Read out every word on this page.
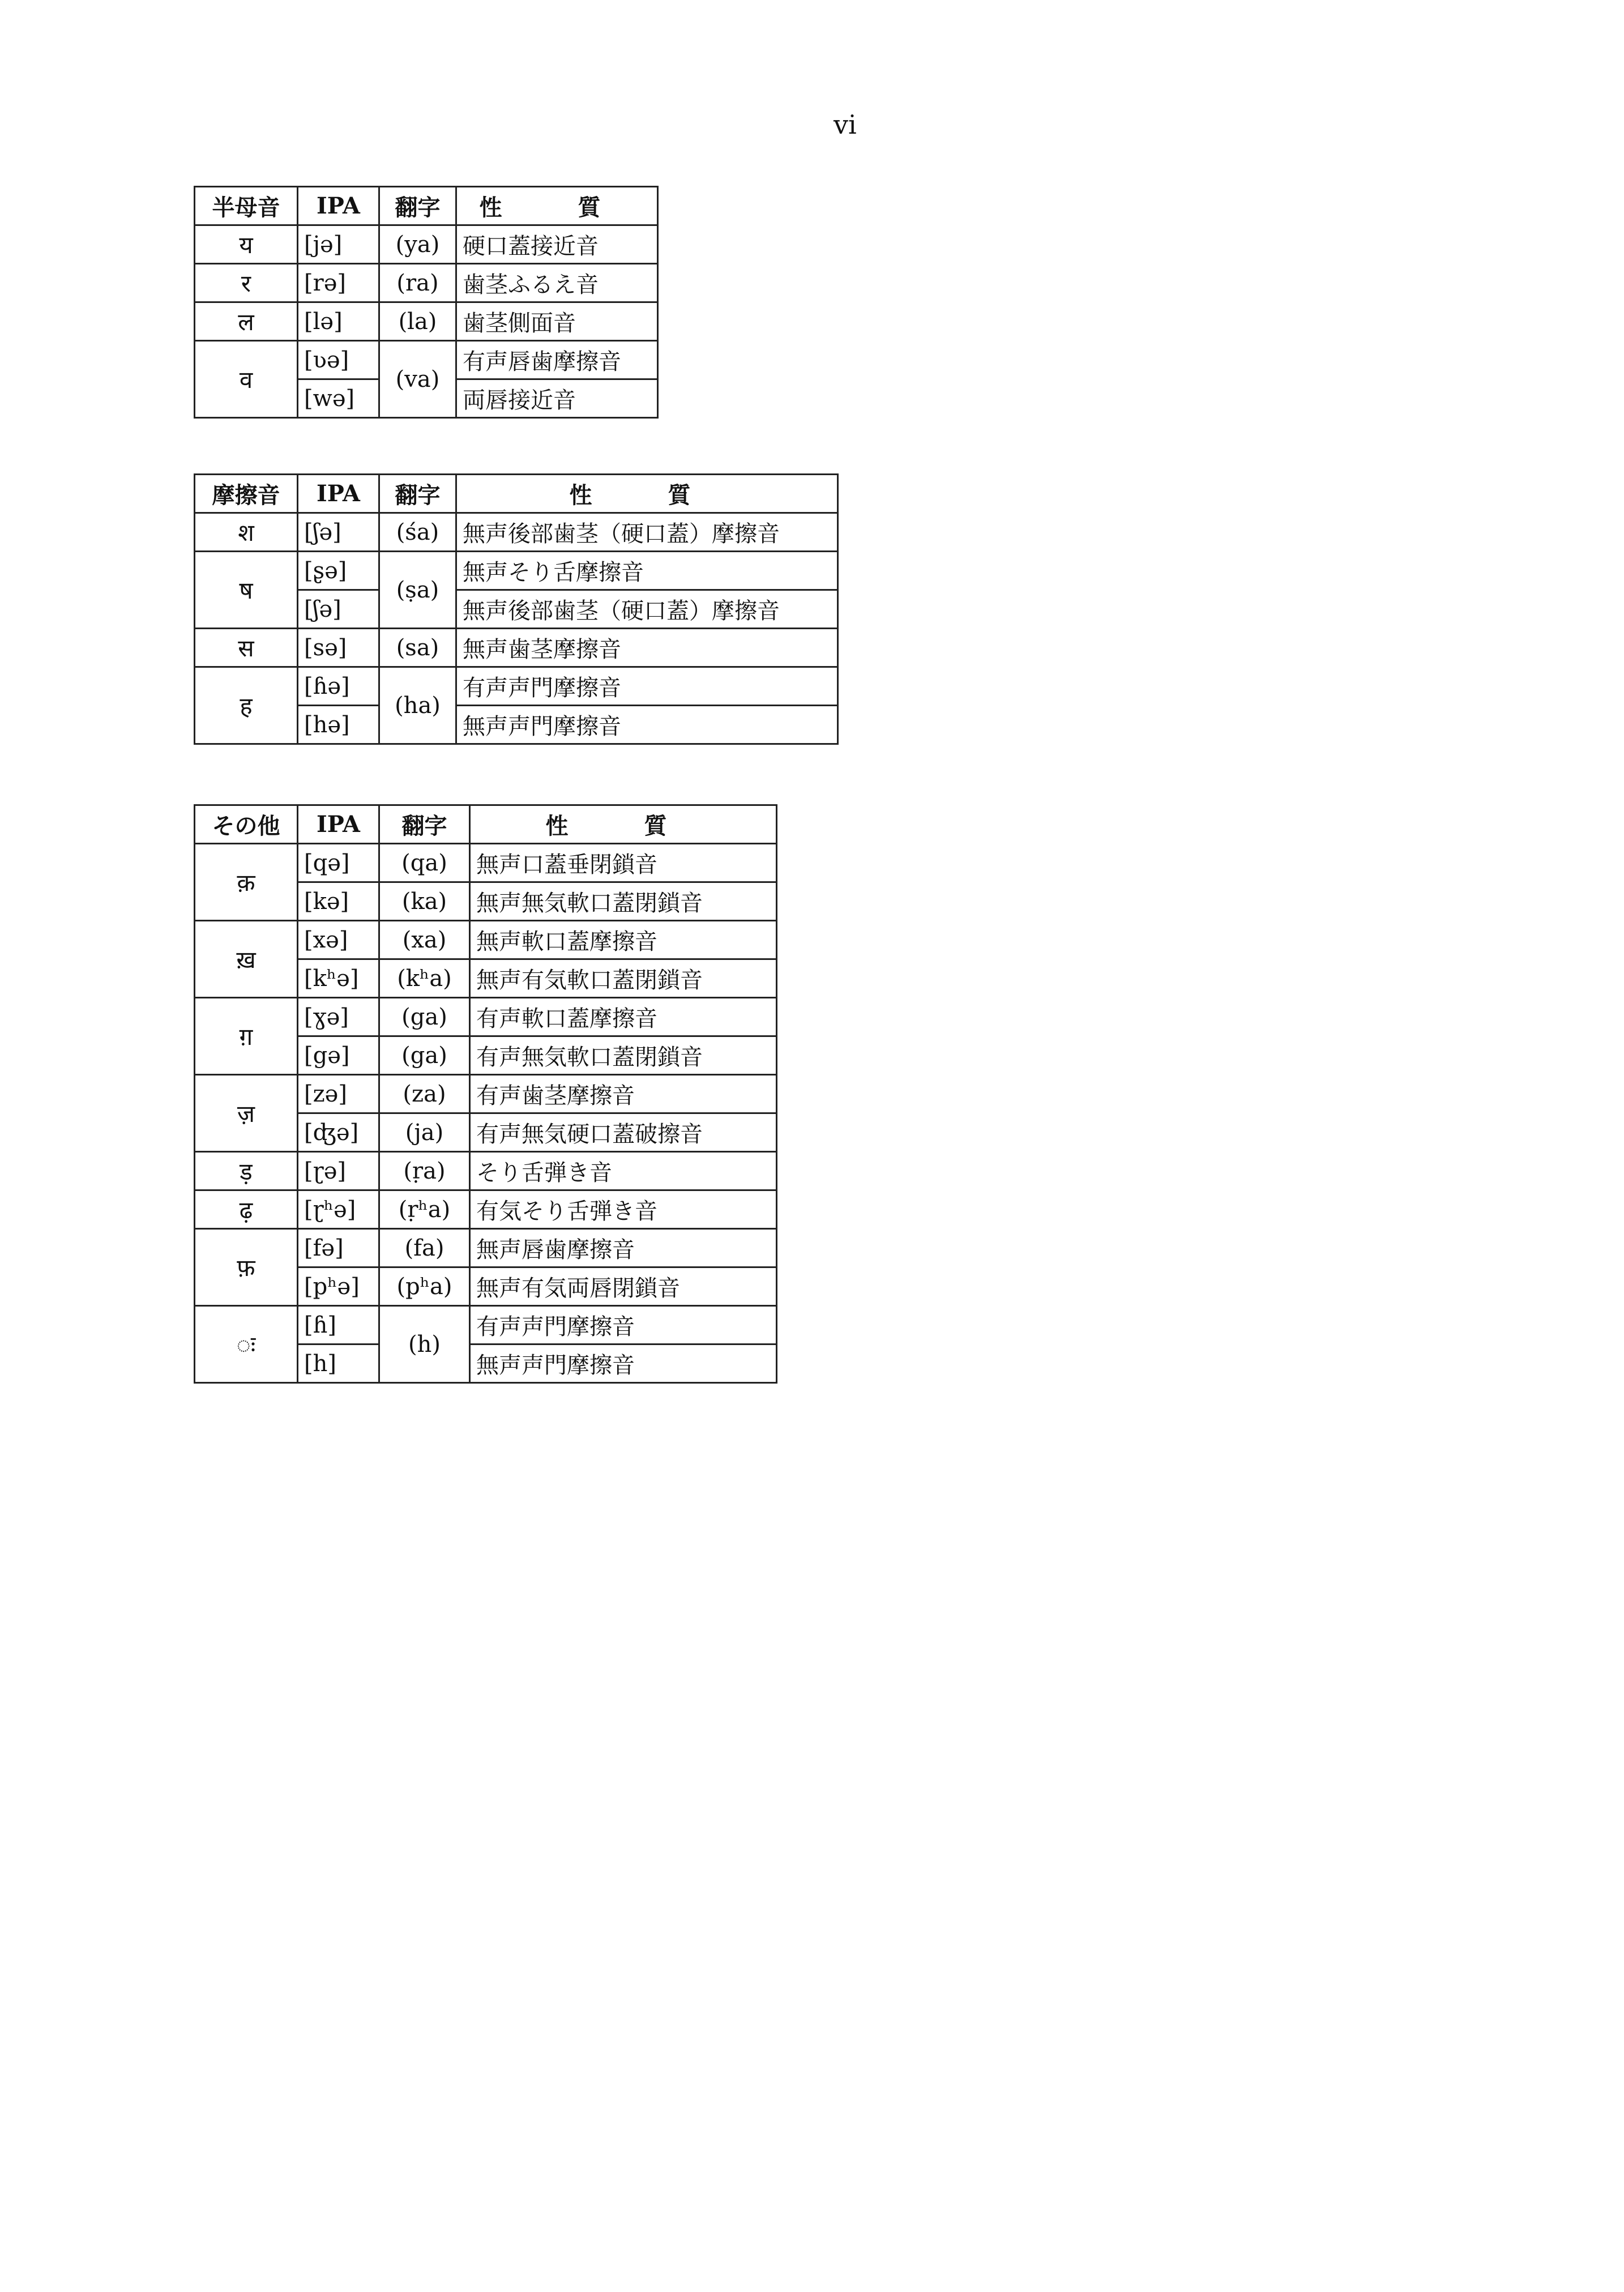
vi
半母音	IPA	翻字	性 質
य	[jə]	(ya)	硬口蓋接近音
र	[rə]	(ra)	歯茎ふるえ音
ल	[lə]	(la)	歯茎側面音
व	[ʋə]	(va)	有声唇歯摩擦音
	[wə]		両唇接近音
摩擦音	IPA	翻字	性 質
श	[ʃə]	(śa)	無声後部歯茎（硬口蓋）摩擦音
ष	[ʂə]	(ṣa)	無声そり舌摩擦音
	[ʃə]		無声後部歯茎（硬口蓋）摩擦音
स	[sə]	(sa)	無声歯茎摩擦音
ह	[ɦə]	(ha)	有声声門摩擦音
	[hə]		無声声門摩擦音
その他	IPA	翻字	性 質
क़	[qə]	(qa)	無声口蓋垂閉鎖音
	[kə]	(ka)	無声無気軟口蓋閉鎖音
ख़	[xə]	(xa)	無声軟口蓋摩擦音
	[kʰə]	(kʰa)	無声有気軟口蓋閉鎖音
ग़	[ɣə]	(ga)	有声軟口蓋摩擦音
	[gə]	(ga)	有声無気軟口蓋閉鎖音
ज़	[zə]	(za)	有声歯茎摩擦音
	[ʤə]	(ja)	有声無気硬口蓋破擦音
ड़	[ɽə]	(ṛa)	そり舌弾き音
ढ़	[ɽʰə]	(ṛʰa)	有気そり舌弾き音
फ़	[fə]	(fa)	無声唇歯摩擦音
	[pʰə]	(pʰa)	無声有気両唇閉鎖音
ः	[ɦ]	(h)	有声声門摩擦音
	[h]		無声声門摩擦音
